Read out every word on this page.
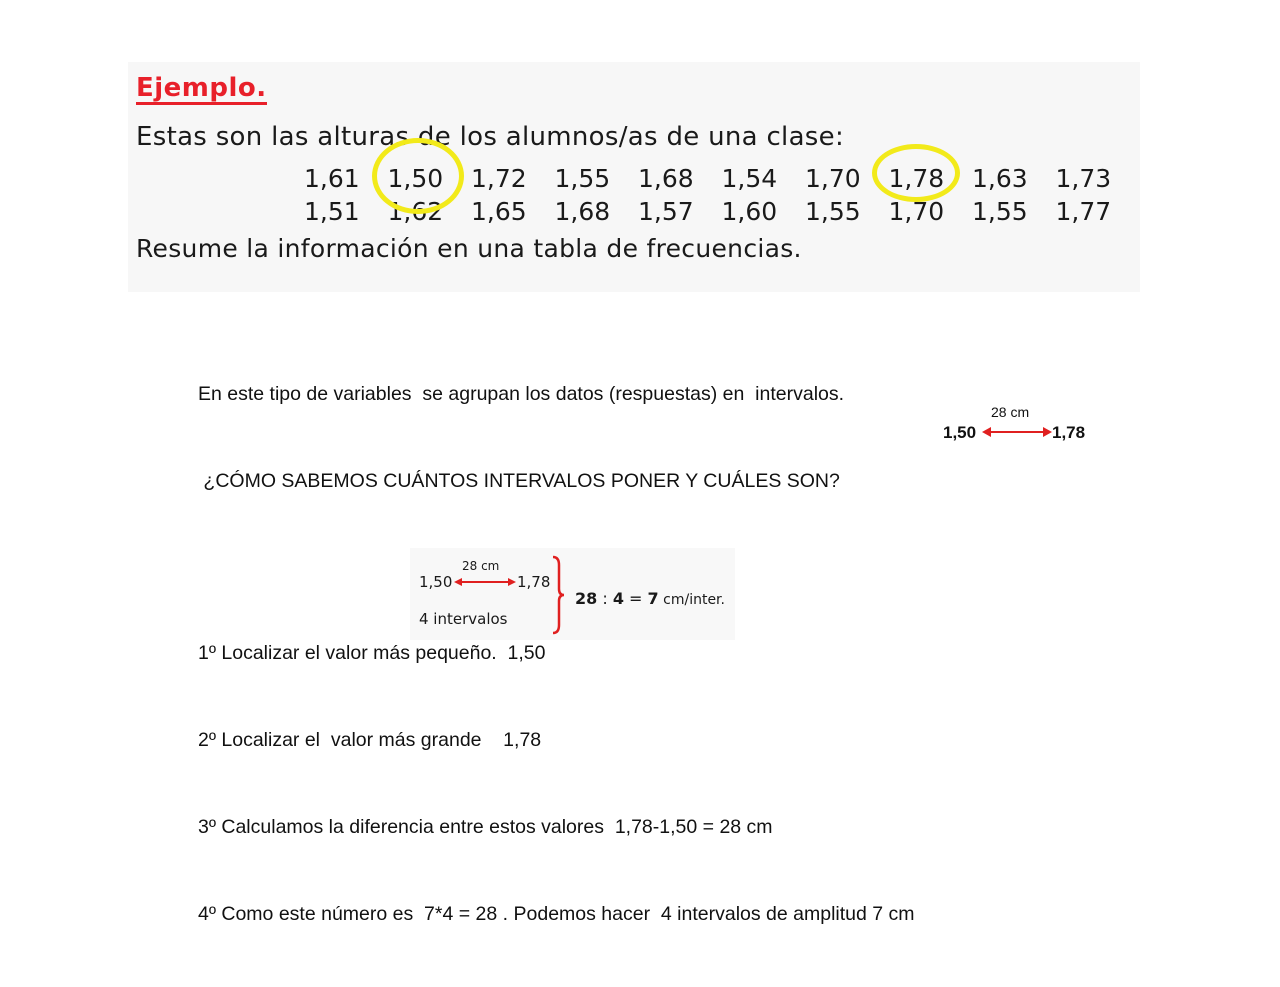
Ejemplo.
Estas son las alturas de los alumnos/as de una clase:
1,61 1,50 1,72 1,55 1,68 1,54 1,70 1,78 1,63 1,73
1,51 1,62 1,65 1,68 1,57 1,60 1,55 1,70 1,55 1,77
Resume la información en una tabla de frecuencias.

En este tipo de variables  se agrupan los datos (respuestas) en  intervalos.

¿CÓMO SABEMOS CUÁNTOS INTERVALOS PONER Y CUÁLES SON?

1º Localizar el valor más pequeño.  1,50

2º Localizar el  valor más grande    1,78

3º Calculamos la diferencia entre estos valores  1,78-1,50 = 28 cm

4º Como este número es  7*4 = 28 . Podemos hacer  4 intervalos de amplitud 7 cm

28 cm
1,50	1,78
28 cm
1,50	1,78
4 intervalos
28 : 4 = 7 cm/inter.
